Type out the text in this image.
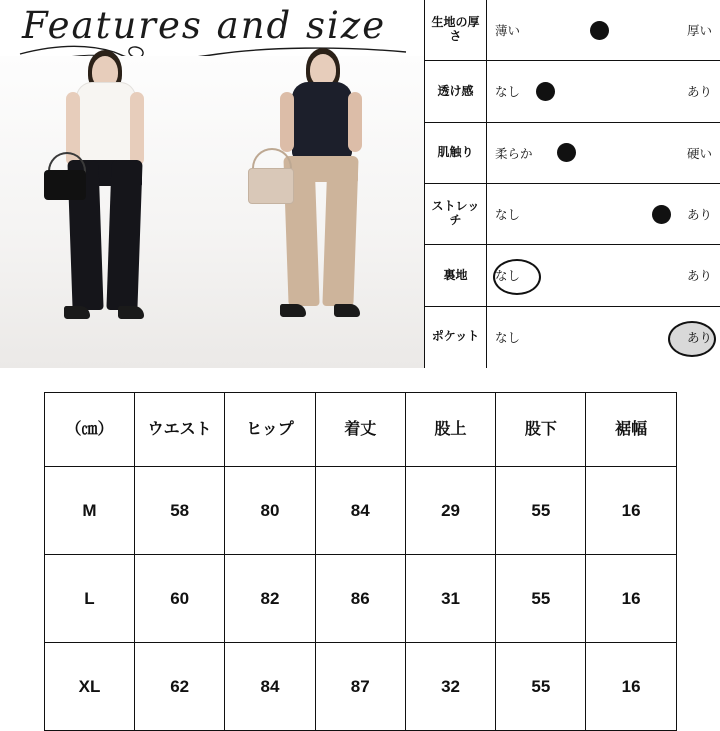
Features and size	生地の厚さ	薄い	厚い
透け感	なし	あり
肌触り	柔らか	硬い
ストレッチ	なし	あり
裏地	なし	あり
ポケット	なし	あり
（㎝）	ウエスト	ヒップ	着丈	股上	股下	裾幅
M	58	80	84	29	55	16
L	60	82	86	31	55	16
XL	62	84	87	32	55	16
